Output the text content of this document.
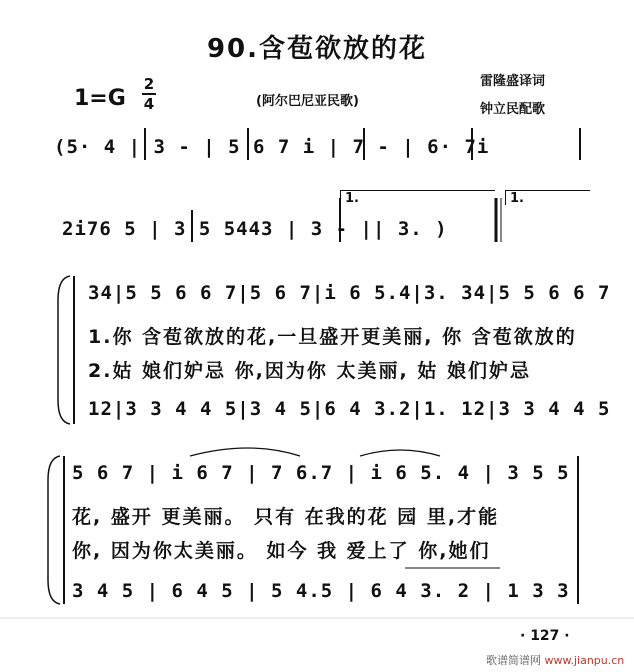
90.含苞欲放的花
1=G
2
4	(阿尔巴尼亚民歌)
雷隆盛译词
钟立民配歌
(5· 4 | 3 - | 5 6 7 i | 7 - | 6· 7i
2i76 5 | 3 5 5443 | 3 - || 3. )
1.	1.
34|5 5 6 6 7|5 6 7|i 6 5.4|3. 34|5 5 6 6 7
1.你 含苞欲放的花,一旦盛开更美丽, 你 含苞欲放的
2.姑 娘们妒忌 你,因为你 太美丽, 姑 娘们妒忌
12|3 3 4 4 5|3 4 5|6 4 3.2|1. 12|3 3 4 4 5
5 6 7 | i 6 7 | 7 6.7 | i 6 5. 4 | 3 5 5
花, 盛开 更美丽。 只有 在我的花 园 里,才能
你, 因为你太美丽。 如今 我 爱上了 你,她们
3 4 5 | 6 4 5 | 5 4.5 | 6 4 3. 2 | 1 3 3
· 127 ·
歌谱简谱网 www.jianpu.cn
